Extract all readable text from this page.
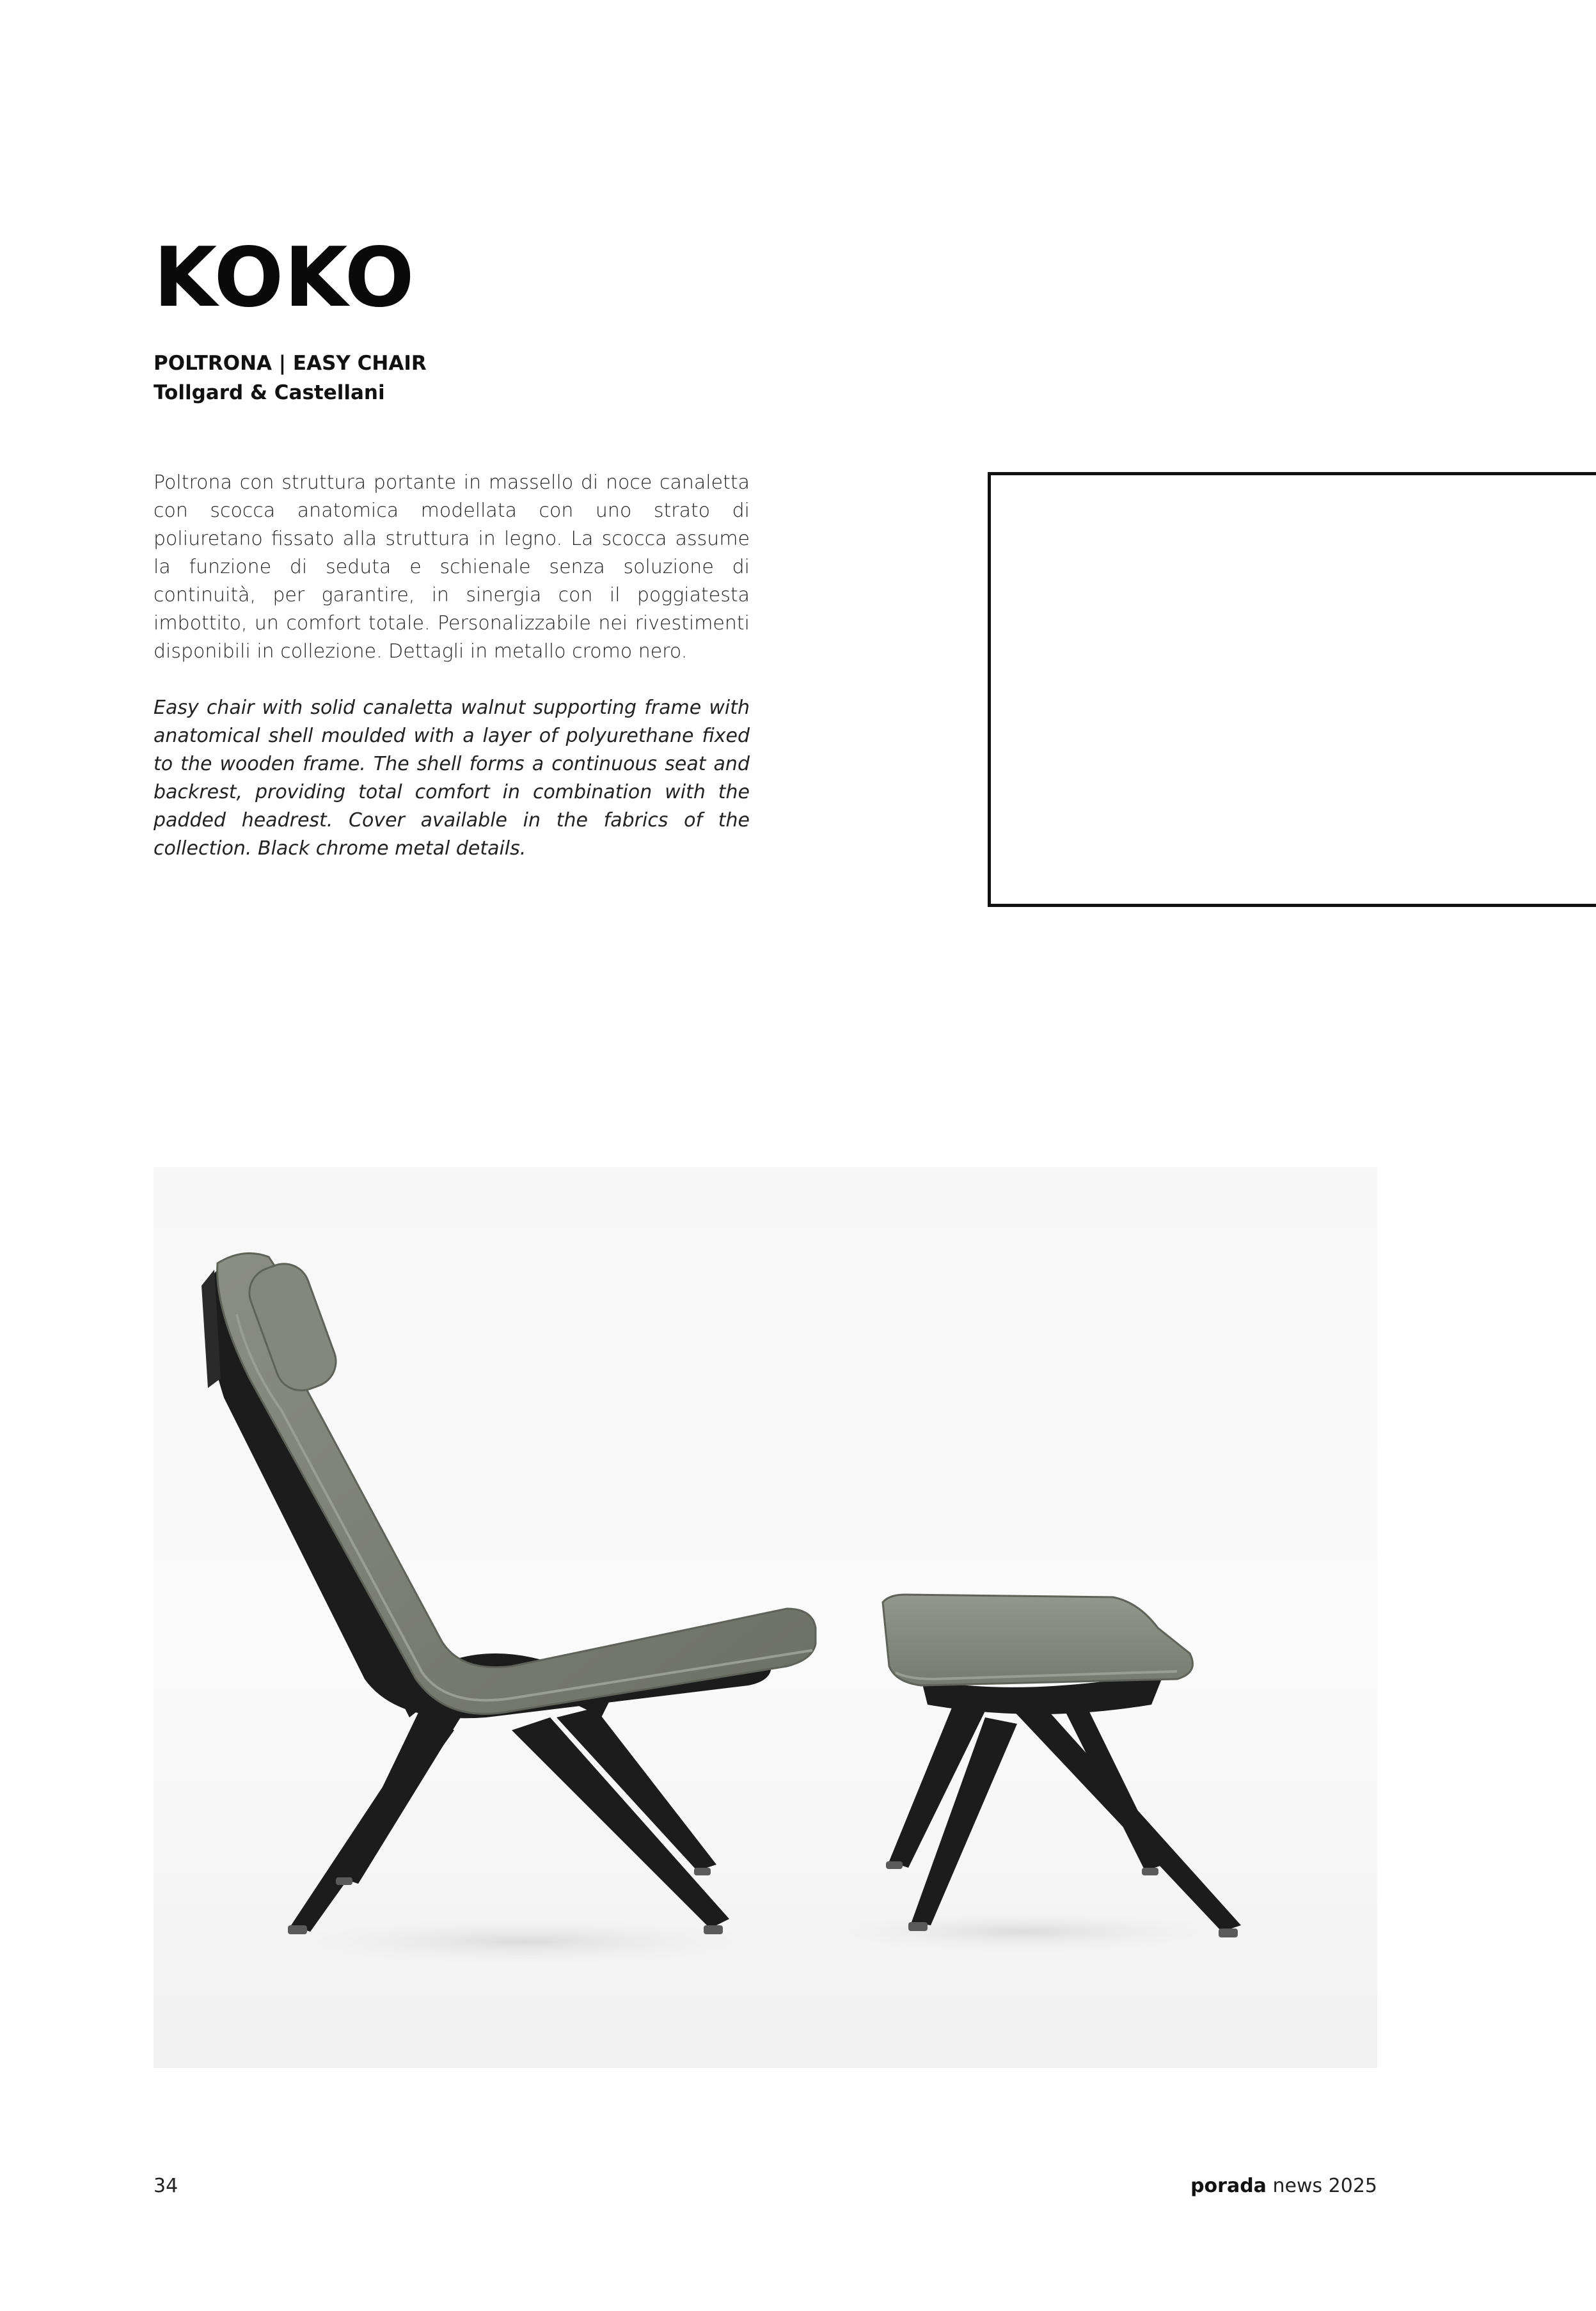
KOKO
POLTRONA | EASY CHAIR
Tollgard & Castellani

Poltrona con struttura portante in massello di noce canaletta con scocca anatomica modellata con uno strato di poliuretano fissato alla struttura in legno. La scocca assume la funzione di seduta e schienale senza soluzione di continuità, per garantire, in sinergia con il poggiatesta imbottito, un comfort totale. Personalizzabile nei rivestimenti disponibili in collezione. Dettagli in metallo cromo nero.

Easy chair with solid canaletta walnut supporting frame with anatomical shell moulded with a layer of polyurethane fixed to the wooden frame. The shell forms a continuous seat and backrest, providing total comfort in combination with the padded headrest. Cover available in the fabrics of the collection. Black chrome metal details.

34	porada news 2025
